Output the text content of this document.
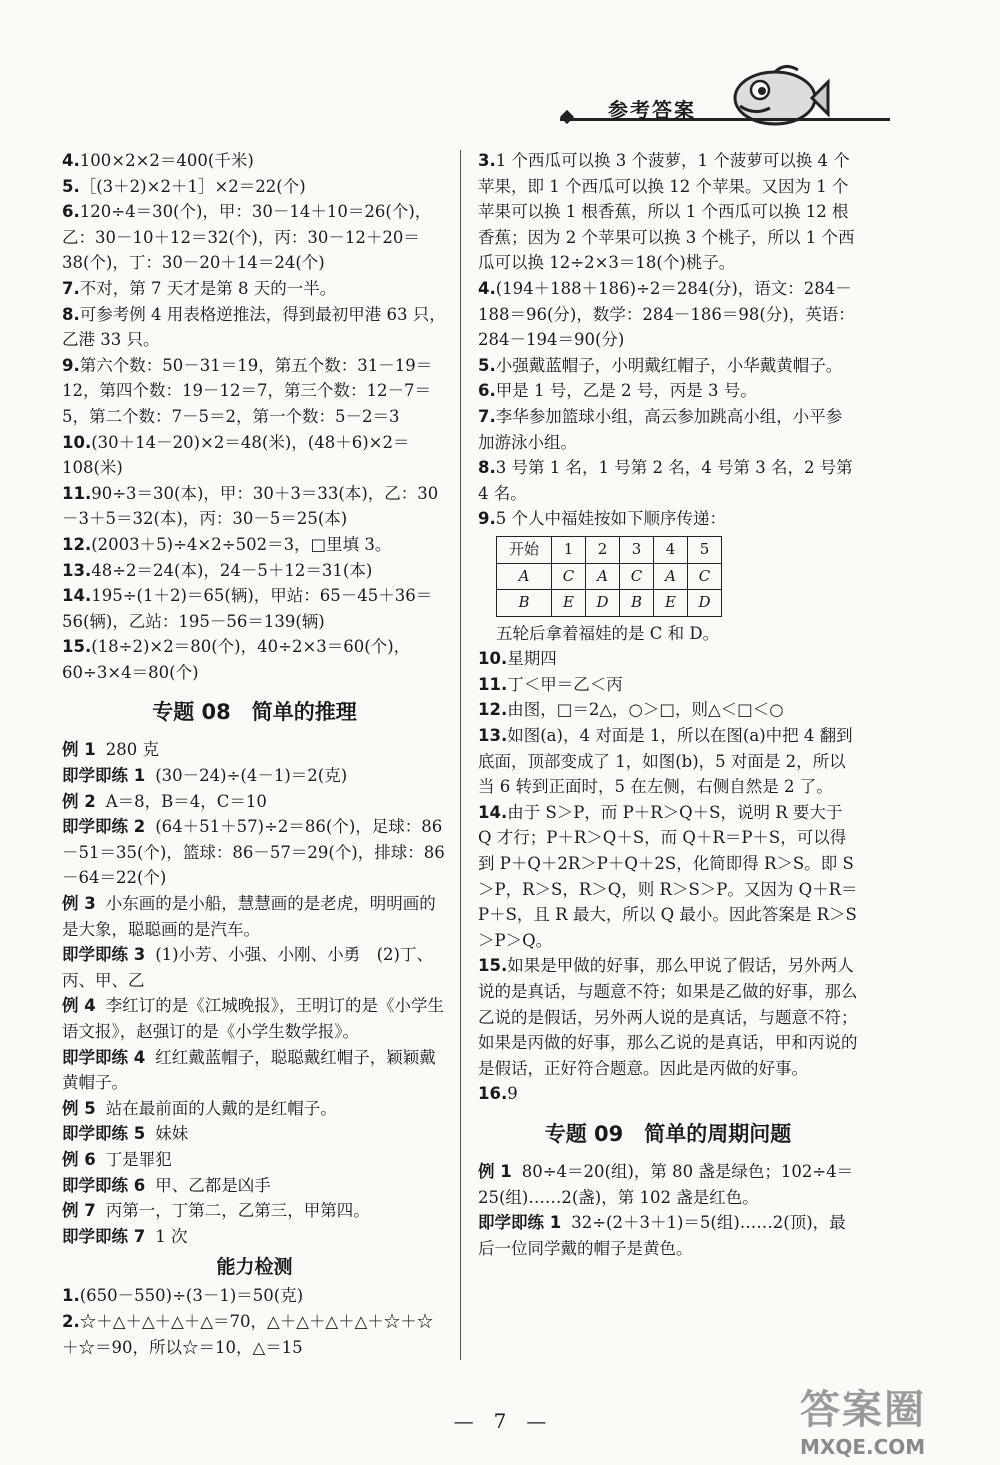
参考答案

4.100×2×2＝400(千米)

5.［(3＋2)×2＋1］×2＝22(个)

6.120÷4＝30(个)，甲：30－14＋10＝26(个)，乙：30－10＋12＝32(个)，丙：30－12＋20＝38(个)，丁：30－20＋14＝24(个)

7.不对，第 7 天才是第 8 天的一半。

8.可参考例 4 用表格逆推法，得到最初甲港 63 只，乙港 33 只。

9.第六个数：50－31＝19，第五个数：31－19＝12，第四个数：19－12＝7，第三个数：12－7＝5，第二个数：7－5＝2，第一个数：5－2＝3

10.(30＋14－20)×2＝48(米)，(48＋6)×2＝108(米)

11.90÷3＝30(本)，甲：30＋3＝33(本)，乙：30－3＋5＝32(本)，丙：30－5＝25(本)

12.(2003＋5)÷4×2÷502＝3，□里填 3。

13.48÷2＝24(本)，24－5＋12＝31(本)

14.195÷(1＋2)＝65(辆)，甲站：65－45＋36＝56(辆)，乙站：195－56＝139(辆)

15.(18÷2)×2＝80(个)，40÷2×3＝60(个)，60÷3×4＝80(个)

专题 08　简单的推理

例 1 280 克

即学即练 1 (30－24)÷(4－1)＝2(克)

例 2 A＝8，B＝4，C＝10

即学即练 2 (64＋51＋57)÷2＝86(个)，足球：86－51＝35(个)，篮球：86－57＝29(个)，排球：86－64＝22(个)

例 3 小东画的是小船，慧慧画的是老虎，明明画的是大象，聪聪画的是汽车。

即学即练 3 (1)小芳、小强、小刚、小勇　(2)丁、丙、甲、乙

例 4 李红订的是《江城晚报》，王明订的是《小学生语文报》，赵强订的是《小学生数学报》。

即学即练 4 红红戴蓝帽子，聪聪戴红帽子，颖颖戴黄帽子。

例 5 站在最前面的人戴的是红帽子。

即学即练 5 妹妹

例 6 丁是罪犯

即学即练 6 甲、乙都是凶手

例 7 丙第一，丁第二，乙第三，甲第四。

即学即练 7 1 次

能力检测

1.(650－550)÷(3－1)＝50(克)

2.☆＋△＋△＋△＋△＝70，△＋△＋△＋△＋☆＋☆＋☆＝90，所以☆＝10，△＝15

3.1 个西瓜可以换 3 个菠萝，1 个菠萝可以换 4 个苹果，即 1 个西瓜可以换 12 个苹果。又因为 1 个苹果可以换 1 根香蕉，所以 1 个西瓜可以换 12 根香蕉；因为 2 个苹果可以换 3 个桃子，所以 1 个西瓜可以换 12÷2×3＝18(个)桃子。

4.(194＋188＋186)÷2＝284(分)，语文：284－188＝96(分)，数学：284－186＝98(分)，英语：284－194＝90(分)

5.小强戴蓝帽子，小明戴红帽子，小华戴黄帽子。

6.甲是 1 号，乙是 2 号，丙是 3 号。

7.李华参加篮球小组，高云参加跳高小组，小平参加游泳小组。

8.3 号第 1 名，1 号第 2 名，4 号第 3 名，2 号第 4 名。

9.5 个人中福娃按如下顺序传递：

开始	1	2	3	4	5
A	C	A	C	A	C
B	E	D	B	E	D

五轮后拿着福娃的是 C 和 D。

10.星期四

11.丁＜甲＝乙＜丙

12.由图，□＝2△，○＞□，则△＜□＜○

13.如图(a)，4 对面是 1，所以在图(a)中把 4 翻到底面，顶部变成了 1，如图(b)，5 对面是 2，所以当 6 转到正面时，5 在左侧，右侧自然是 2 了。

14.由于 S＞P，而 P＋R＞Q＋S，说明 R 要大于 Q 才行；P＋R＞Q＋S，而 Q＋R＝P＋S，可以得到 P＋Q＋2R＞P＋Q＋2S，化简即得 R＞S。即 S＞P，R＞S，R＞Q，则 R＞S＞P。又因为 Q＋R＝P＋S，且 R 最大，所以 Q 最小。因此答案是 R＞S＞P＞Q。

15.如果是甲做的好事，那么甲说了假话，另外两人说的是真话，与题意不符；如果是乙做的好事，那么乙说的是假话，另外两人说的是真话，与题意不符；如果是丙做的好事，那么乙说的是真话，甲和丙说的是假话，正好符合题意。因此是丙做的好事。

16.9

专题 09　简单的周期问题

例 1 80÷4＝20(组)，第 80 盏是绿色；102÷4＝25(组)……2(盏)，第 102 盏是红色。

即学即练 1 32÷(2＋3＋1)＝5(组)……2(顶)，最后一位同学戴的帽子是黄色。

—　7　—	答案圈
MXQE.COM
